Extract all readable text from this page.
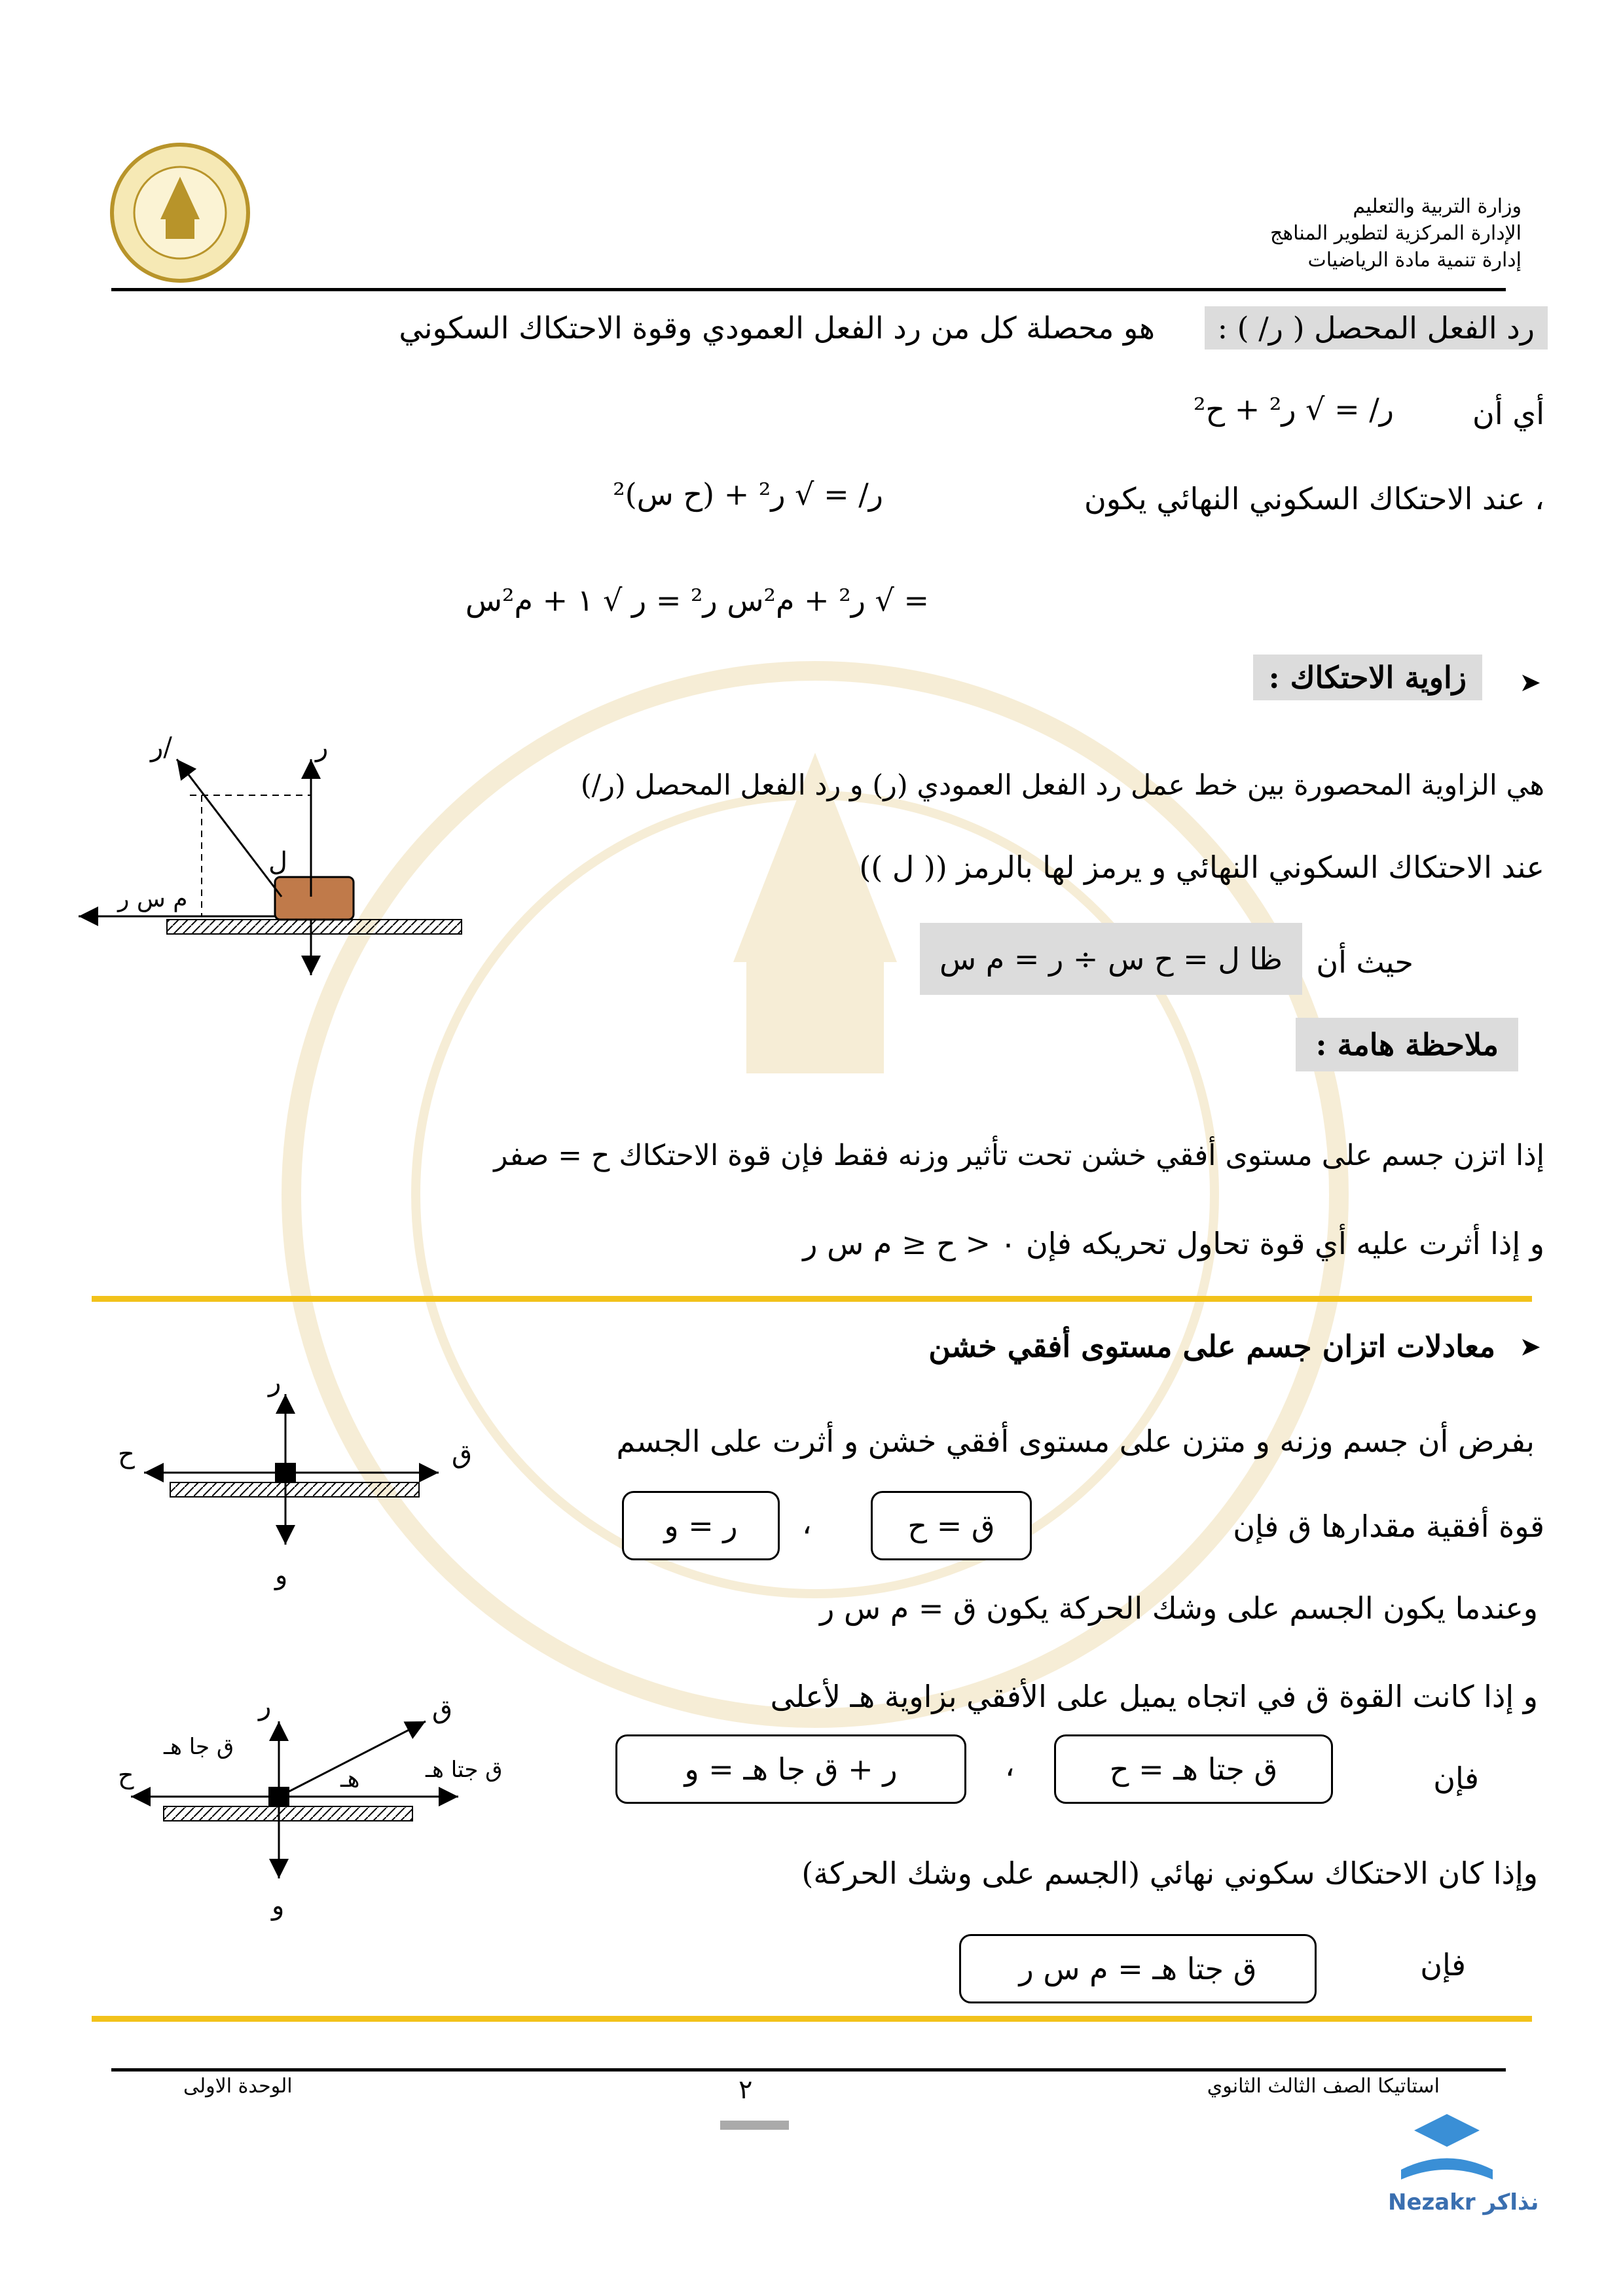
وزارة التربية والتعليم
الإدارة المركزية لتطوير المناهج
إدارة تنمية مادة الرياضيات
رد الفعل المحصل ( ر/ ) :
هو محصلة كل من رد الفعل العمودي وقوة الاحتكاك السكوني
أي أن
ر/ = √ ر² + ح²
، عند الاحتكاك السكوني النهائي يكون
ر/ = √ ر² + (ح س)²
= √ ر² + م²س ر² = ر √ ١ + م²س
زاوية الاحتكاك :	➤
هي الزاوية المحصورة بين خط عمل رد الفعل العمودي (ر) و رد الفعل المحصل (ر/)
عند الاحتكاك السكوني النهائي و يرمز لها بالرمز (( ل ))
حيث أن
ظا ل = ح س ÷ ر = م س
ر
ر/
ل
م س ر
ملاحظة هامة :
إذا اتزن جسم على مستوى أفقي خشن تحت تأثير وزنه فقط فإن قوة الاحتكاك ح = صفر
و إذا أثرت عليه أي قوة تحاول تحريكه فإن ٠ < ح ≤ م س ر
➤
معادلات اتزان جسم على مستوى أفقي خشن
بفرض أن جسم وزنه و متزن على مستوى أفقي خشن و أثرت على الجسم
قوة أفقية مقدارها ق فإن
ق = ح
،
ر = و
وعندما يكون الجسم على وشك الحركة يكون ق = م س ر
و إذا كانت القوة ق في اتجاه يميل على الأفقي بزاوية هـ لأعلى
فإن
ق جتا هـ = ح
،
ر + ق جا هـ = و
وإذا كان الاحتكاك سكوني نهائي (الجسم على وشك الحركة)
فإن
ق جتا هـ = م س ر
ر
ح	ق
و
ر
ح
ق
و
ق جا هـ
ق جتا هـ
هـ
استاتيكا الصف الثالث الثانوي
الوحدة الاولى	٢
Nezakr نذاكر
